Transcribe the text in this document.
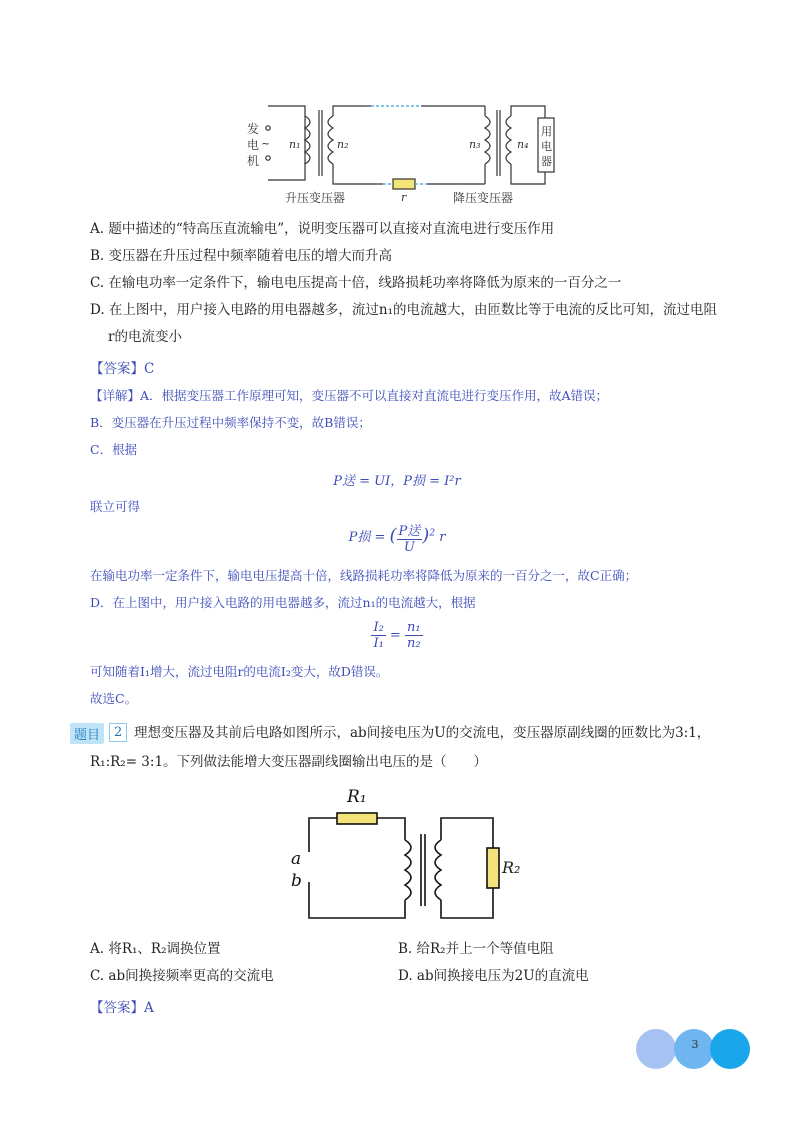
发
电
机
~ n₁	n₂	n₃	n₄
用
电
器
r
升压变压器	降压变压器
A. 题中描述的“特高压直流输电”，说明变压器可以直接对直流电进行变压作用
B. 变压器在升压过程中频率随着电压的增大而升高
C. 在输电功率一定条件下，输电电压提高十倍，线路损耗功率将降低为原来的一百分之一
D. 在上图中，用户接入电路的用电器越多，流过n₁的电流越大，由匝数比等于电流的反比可知，流过电阻
r的电流变小
【答案】C
【详解】A．根据变压器工作原理可知，变压器不可以直接对直流电进行变压作用，故A错误；
B．变压器在升压过程中频率保持不变，故B错误；
C．根据
P送 = UI，P损 = I²r
联立可得
P损 = ( $\frac{\text{P送}}{U} )^2$ r
在输电功率一定条件下，输电电压提高十倍，线路损耗功率将降低为原来的一百分之一，故C正确；
D．在上图中，用户接入电路的用电器越多，流过n₁的电流越大，根据
$\frac{\text{I₂}}{\text{I₁}} = \frac{\text{n₁}}{\text{n₂}}$
可知随着I₁增大，流过电阻r的电流I₂变大，故D错误。
故选C。
题目	2 理想变压器及其前后电路如图所示，ab间接电压为U的交流电，变压器原副线圈的匝数比为3:1，
R₁:R₂= 3:1。下列做法能增大变压器副线圈输出电压的是（　　）
R₁
a
b
R₂
A. 将R₁、R₂调换位置	B. 给R₂并上一个等值电阻
C. ab间换接频率更高的交流电	D. ab间换接电压为2U的直流电
【答案】A
3
